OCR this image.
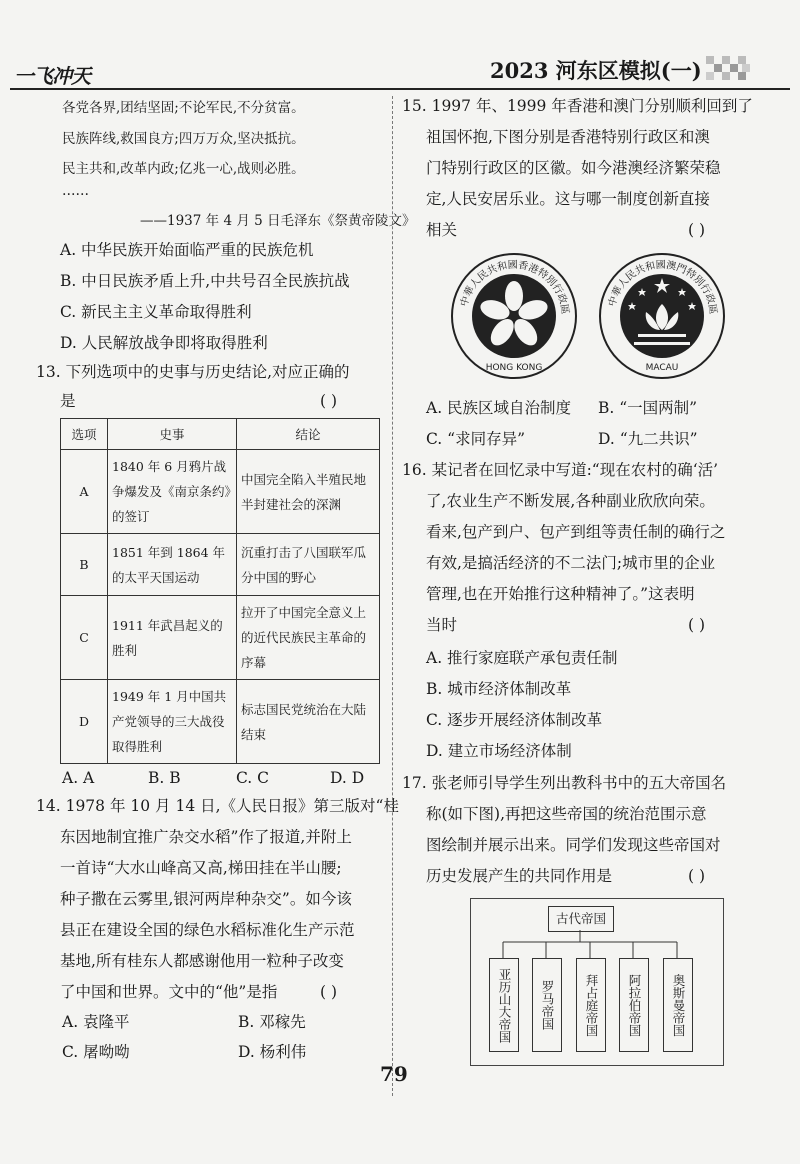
一飞冲天	2023 河东区模拟(一)
各党各界,团结坚固;不论军民,不分贫富。
民族阵线,救国良方;四万万众,坚决抵抗。
民主共和,改革内政;亿兆一心,战则必胜。
……
——1937 年 4 月 5 日毛泽东《祭黄帝陵文》
A. 中华民族开始面临严重的民族危机
B. 中日民族矛盾上升,中共号召全民族抗战
C. 新民主主义革命取得胜利
D. 人民解放战争即将取得胜利
13. 下列选项中的史事与历史结论,对应正确的
是	( )
选项	史事	结论
A	1840 年 6 月鸦片战争爆发及《南京条约》的签订	中国完全陷入半殖民地半封建社会的深渊
B	1851 年到 1864 年的太平天国运动	沉重打击了八国联军瓜分中国的野心
C	1911 年武昌起义的胜利	拉开了中国完全意义上的近代民族民主革命的序幕
D	1949 年 1 月中国共产党领导的三大战役取得胜利	标志国民党统治在大陆结束
A. A	B. B	C. C	D. D
14. 1978 年 10 月 14 日,《人民日报》第三版对“桂
东因地制宜推广杂交水稻”作了报道,并附上
一首诗“大水山峰高又高,梯田挂在半山腰;
种子撒在云雾里,银河两岸种杂交”。如今该
县正在建设全国的绿色水稻标准化生产示范
基地,所有桂东人都感谢他用一粒种子改变
了中国和世界。文中的“他”是指	( )
A. 袁隆平	B. 邓稼先
C. 屠呦呦	D. 杨利伟
15. 1997 年、1999 年香港和澳门分别顺利回到了
祖国怀抱,下图分别是香港特别行政区和澳
门特别行政区的区徽。如今港澳经济繁荣稳
定,人民安居乐业。这与哪一制度创新直接
相关	( )
中華人民共和國香港特別行政區
HONG KONG
中華人民共和國澳門特別行政區
MACAU
A. 民族区域自治制度 B. “一国两制”
C. “求同存异”	D. “九二共识”
16. 某记者在回忆录中写道:“现在农村的确‘活’
了,农业生产不断发展,各种副业欣欣向荣。
看来,包产到户、包产到组等责任制的确行之
有效,是搞活经济的不二法门;城市里的企业
管理,也在开始推行这种精神了。”这表明
当时	( )
A. 推行家庭联产承包责任制
B. 城市经济体制改革
C. 逐步开展经济体制改革
D. 建立市场经济体制
17. 张老师引导学生列出教科书中的五大帝国名
称(如下图),再把这些帝国的统治范围示意
图绘制并展示出来。同学们发现这些帝国对
历史发展产生的共同作用是	( )
古代帝国
亚历山大帝国	罗马帝国	拜占庭帝国	阿拉伯帝国	奥斯曼帝国
79
